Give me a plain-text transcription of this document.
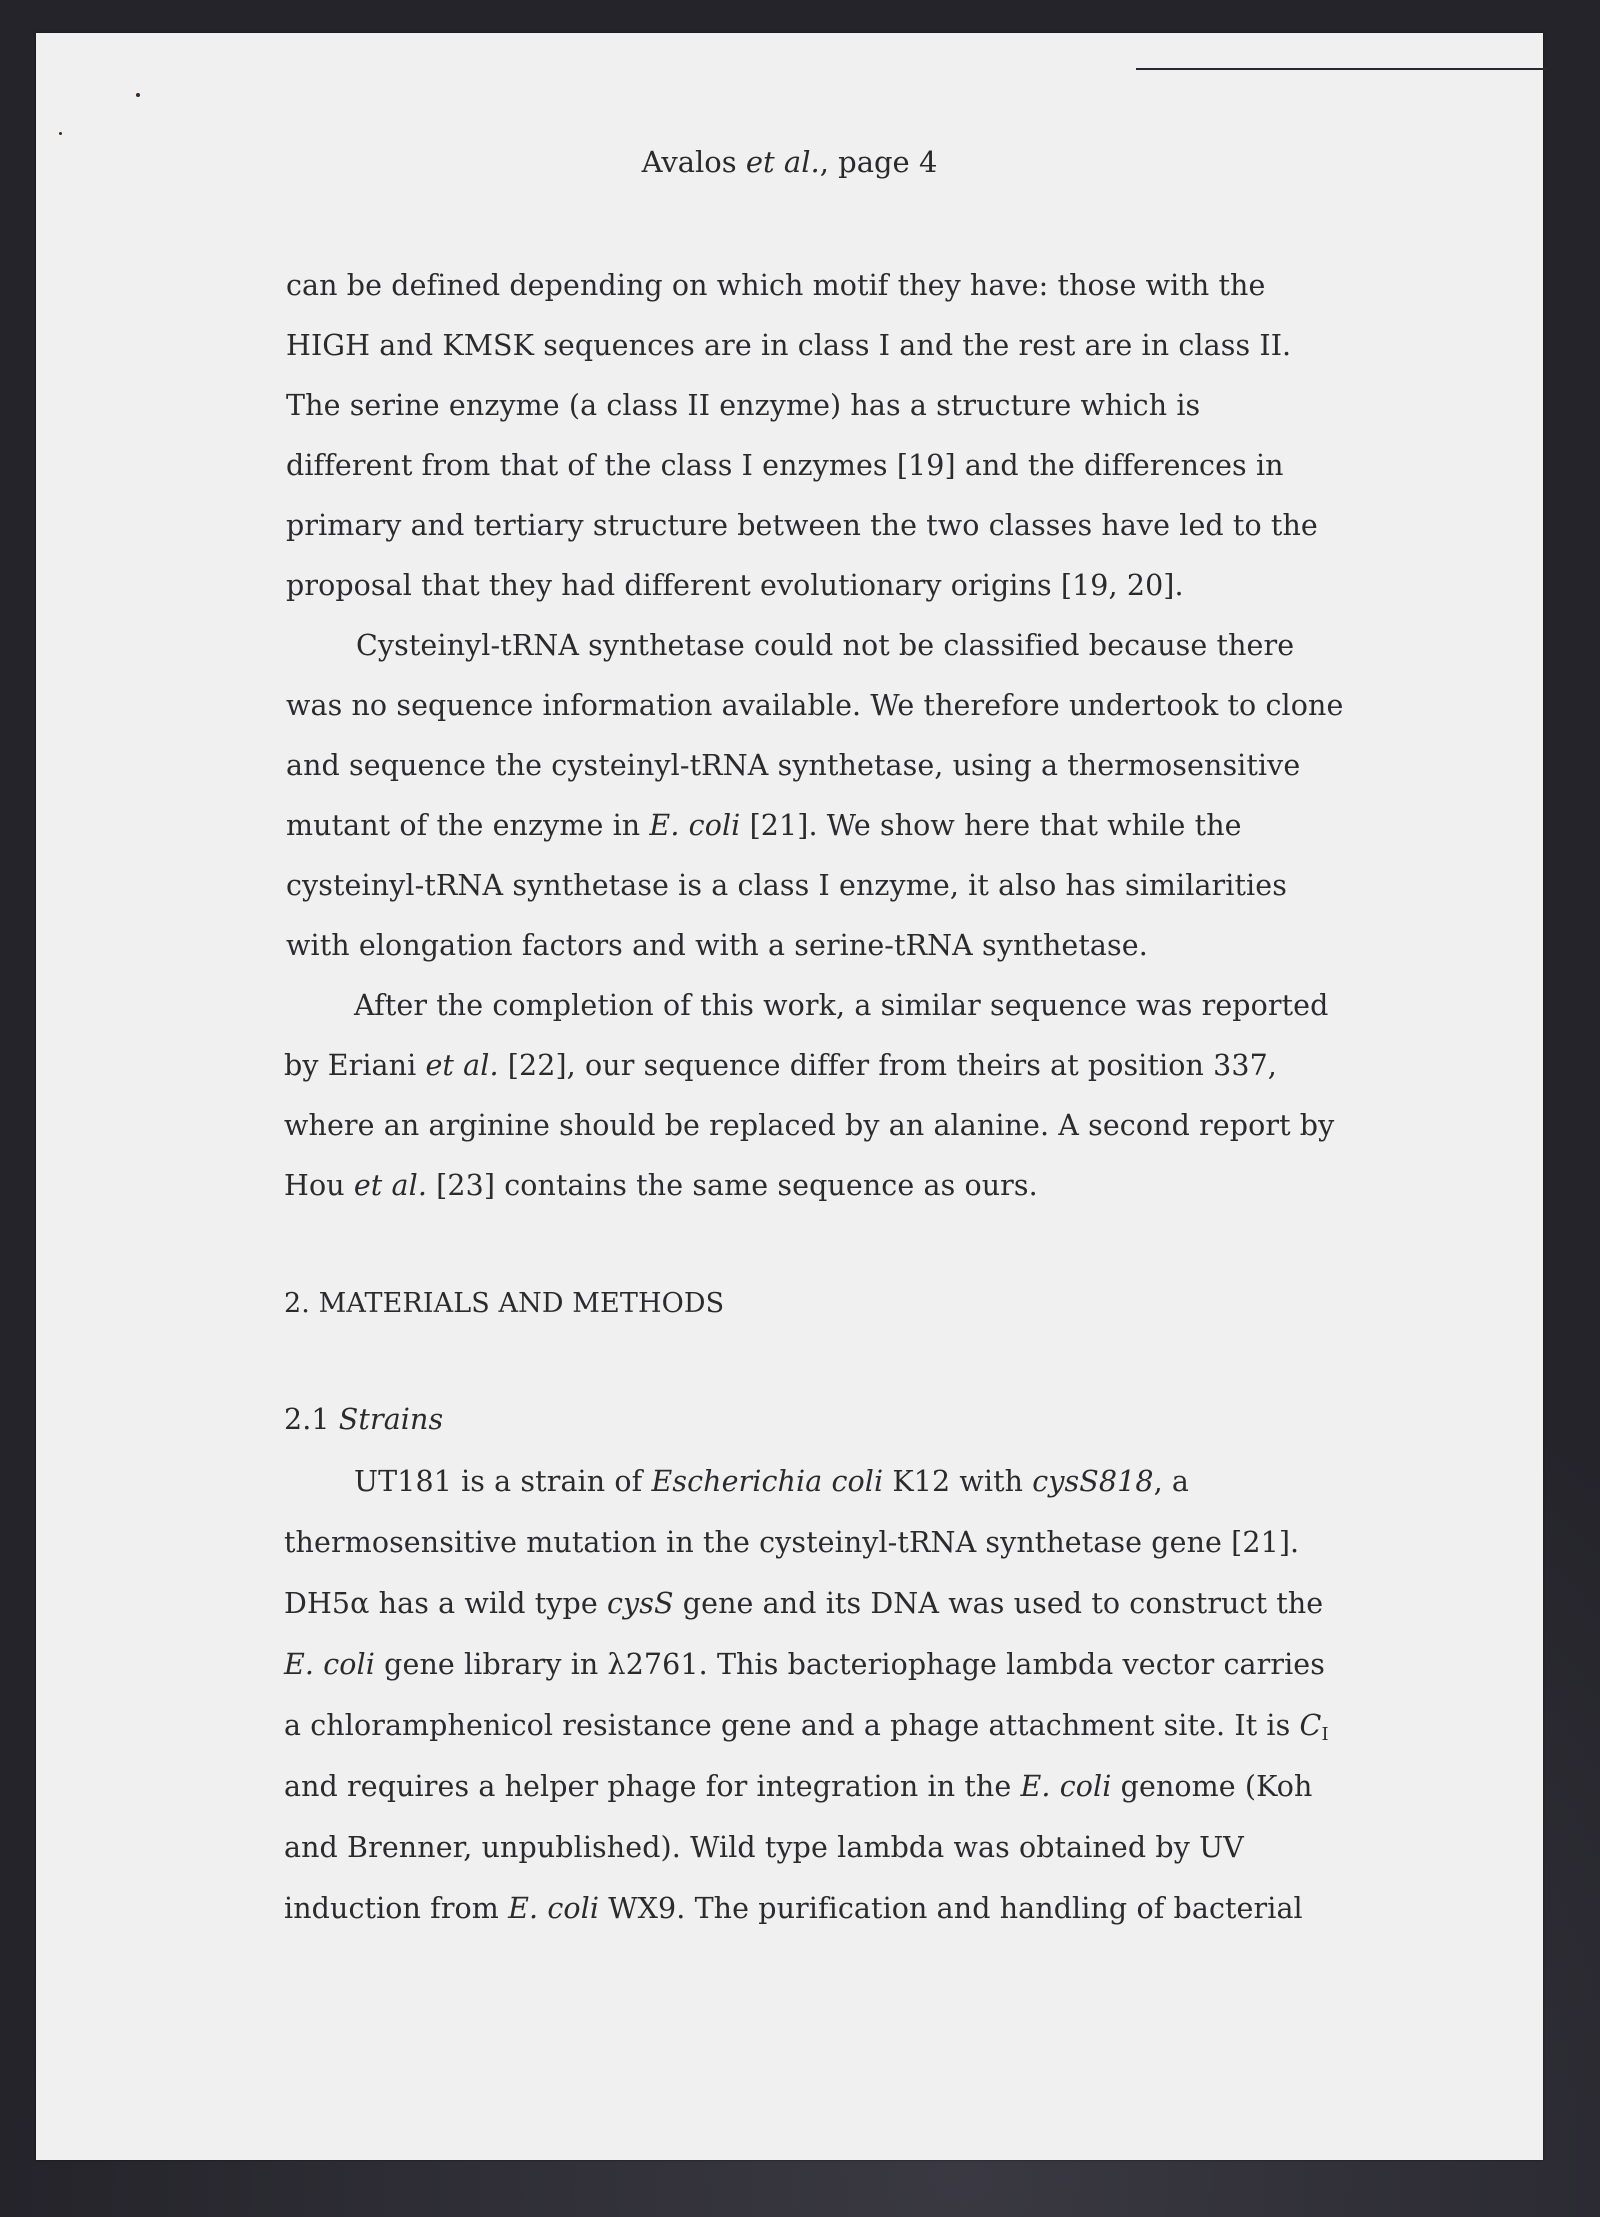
Avalos et al., page 4
can be defined depending on which motif they have: those with the
HIGH and KMSK sequences are in class I and the rest are in class II.
The serine enzyme (a class II enzyme) has a structure which is
different from that of the class I enzymes [19] and the differences in
primary and tertiary structure between the two classes have led to the
proposal that they had different evolutionary origins [19, 20].
Cysteinyl-tRNA synthetase could not be classified because there
was no sequence information available. We therefore undertook to clone
and sequence the cysteinyl-tRNA synthetase, using a thermosensitive
mutant of the enzyme in E. coli [21]. We show here that while the
cysteinyl-tRNA synthetase is a class I enzyme, it also has similarities
with elongation factors and with a serine-tRNA synthetase.
After the completion of this work, a similar sequence was reported
by Eriani et al. [22], our sequence differ from theirs at position 337,
where an arginine should be replaced by an alanine. A second report by
Hou et al. [23] contains the same sequence as ours.
2. MATERIALS AND METHODS
2.1 Strains
UT181 is a strain of Escherichia coli K12 with cysS818, a
thermosensitive mutation in the cysteinyl-tRNA synthetase gene [21].
DH5α has a wild type cysS gene and its DNA was used to construct the
E. coli gene library in λ2761. This bacteriophage lambda vector carries
a chloramphenicol resistance gene and a phage attachment site. It is $C_I$
and requires a helper phage for integration in the E. coli genome (Koh
and Brenner, unpublished). Wild type lambda was obtained by UV
induction from E. coli WX9. The purification and handling of bacterial
